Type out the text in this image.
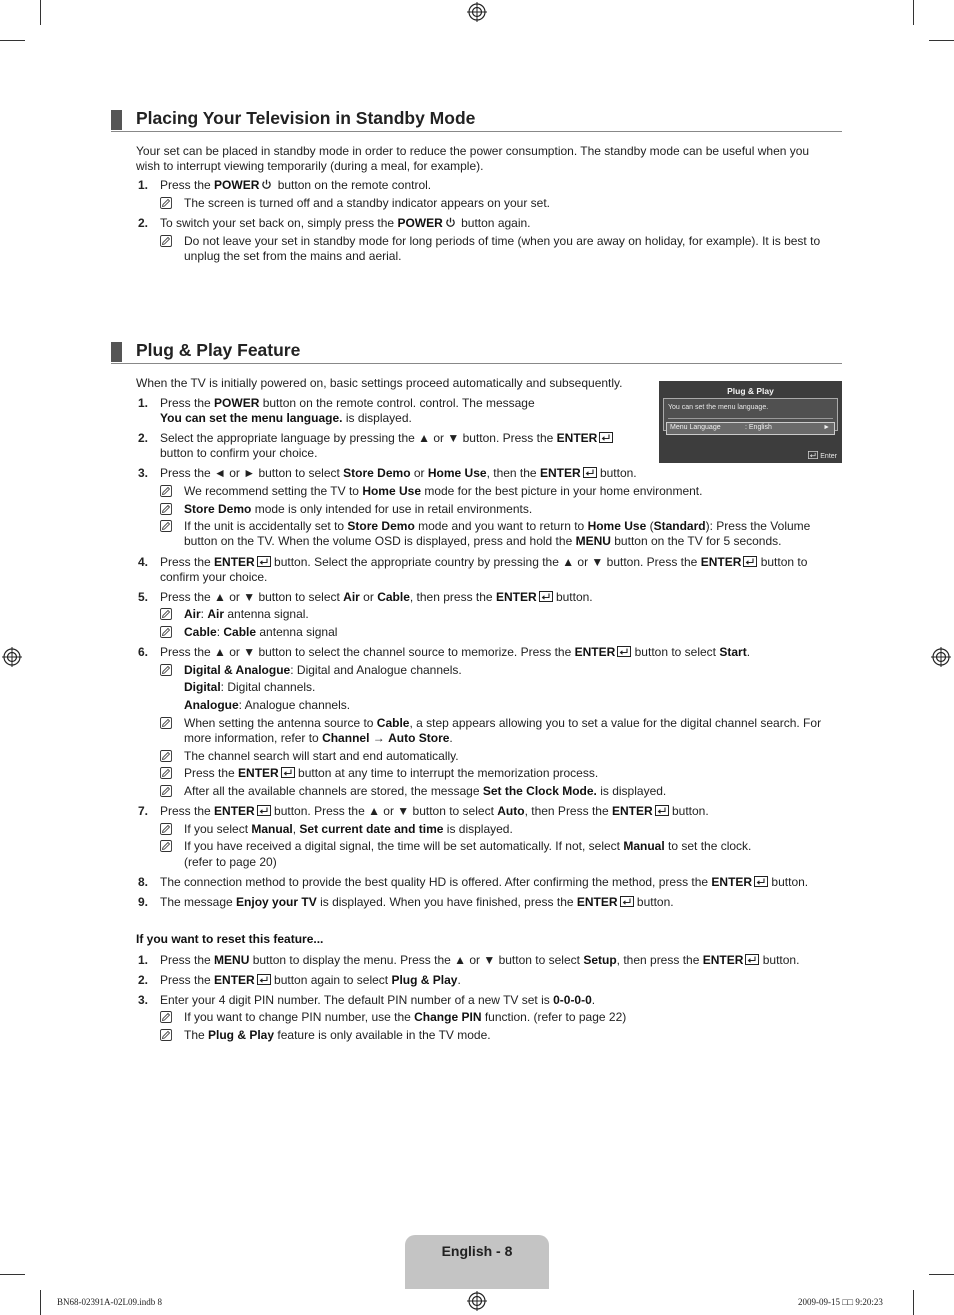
Placing Your Television in Standby Mode
Your set can be placed in standby mode in order to reduce the power consumption. The standby mode can be useful when you
wish to interrupt viewing temporarily (during a meal, for example).
1. Press the POWER button on the remote control.
The screen is turned off and a standby indicator appears on your set.
2. To switch your set back on, simply press the POWER button again.
Do not leave your set in standby mode for long periods of time (when you are away on holiday, for example). It is best to
unplug the set from the mains and aerial.
Plug & Play Feature
When the TV is initially powered on, basic settings proceed automatically and subsequently.
Plug & Play
You can set the menu language.
Menu Language	: English	►
Enter
1. Press the POWER button on the remote control. control. The message
You can set the menu language. is displayed.
2. Select the appropriate language by pressing the ▲ or ▼ button. Press the ENTER
button to confirm your choice.
3. Press the ◄ or ► button to select Store Demo or Home Use, then the ENTER button.
We recommend setting the TV to Home Use mode for the best picture in your home environment.
Store Demo mode is only intended for use in retail environments.
If the unit is accidentally set to Store Demo mode and you want to return to Home Use (Standard): Press the Volume
button on the TV. When the volume OSD is displayed, press and hold the MENU button on the TV for 5 seconds.
4. Press the ENTER button. Select the appropriate country by pressing the ▲ or ▼ button. Press the ENTER button to
confirm your choice.
5. Press the ▲ or ▼ button to select Air or Cable, then press the ENTER button.
Air: Air antenna signal.
Cable: Cable antenna signal
6. Press the ▲ or ▼ button to select the channel source to memorize. Press the ENTER button to select Start.
Digital & Analogue: Digital and Analogue channels.
Digital: Digital channels.
Analogue: Analogue channels.
When setting the antenna source to Cable, a step appears allowing you to set a value for the digital channel search. For
more information, refer to Channel → Auto Store.
The channel search will start and end automatically.
Press the ENTER button at any time to interrupt the memorization process.
After all the available channels are stored, the message Set the Clock Mode. is displayed.
7. Press the ENTER button. Press the ▲ or ▼ button to select Auto, then Press the ENTER button.
If you select Manual, Set current date and time is displayed.
If you have received a digital signal, the time will be set automatically. If not, select Manual to set the clock.
(refer to page 20)
8. The connection method to provide the best quality HD is offered. After confirming the method, press the ENTER button.
9. The message Enjoy your TV is displayed. When you have finished, press the ENTER button.
If you want to reset this feature...
1. Press the MENU button to display the menu. Press the ▲ or ▼ button to select Setup, then press the ENTER button.
2. Press the ENTER button again to select Plug & Play.
3. Enter your 4 digit PIN number. The default PIN number of a new TV set is 0-0-0-0.
If you want to change PIN number, use the Change PIN function. (refer to page 22)
The Plug & Play feature is only available in the TV mode.
English - 8
BN68-02391A-02L09.indb 8	2009-09-15 □□ 9:20:23
